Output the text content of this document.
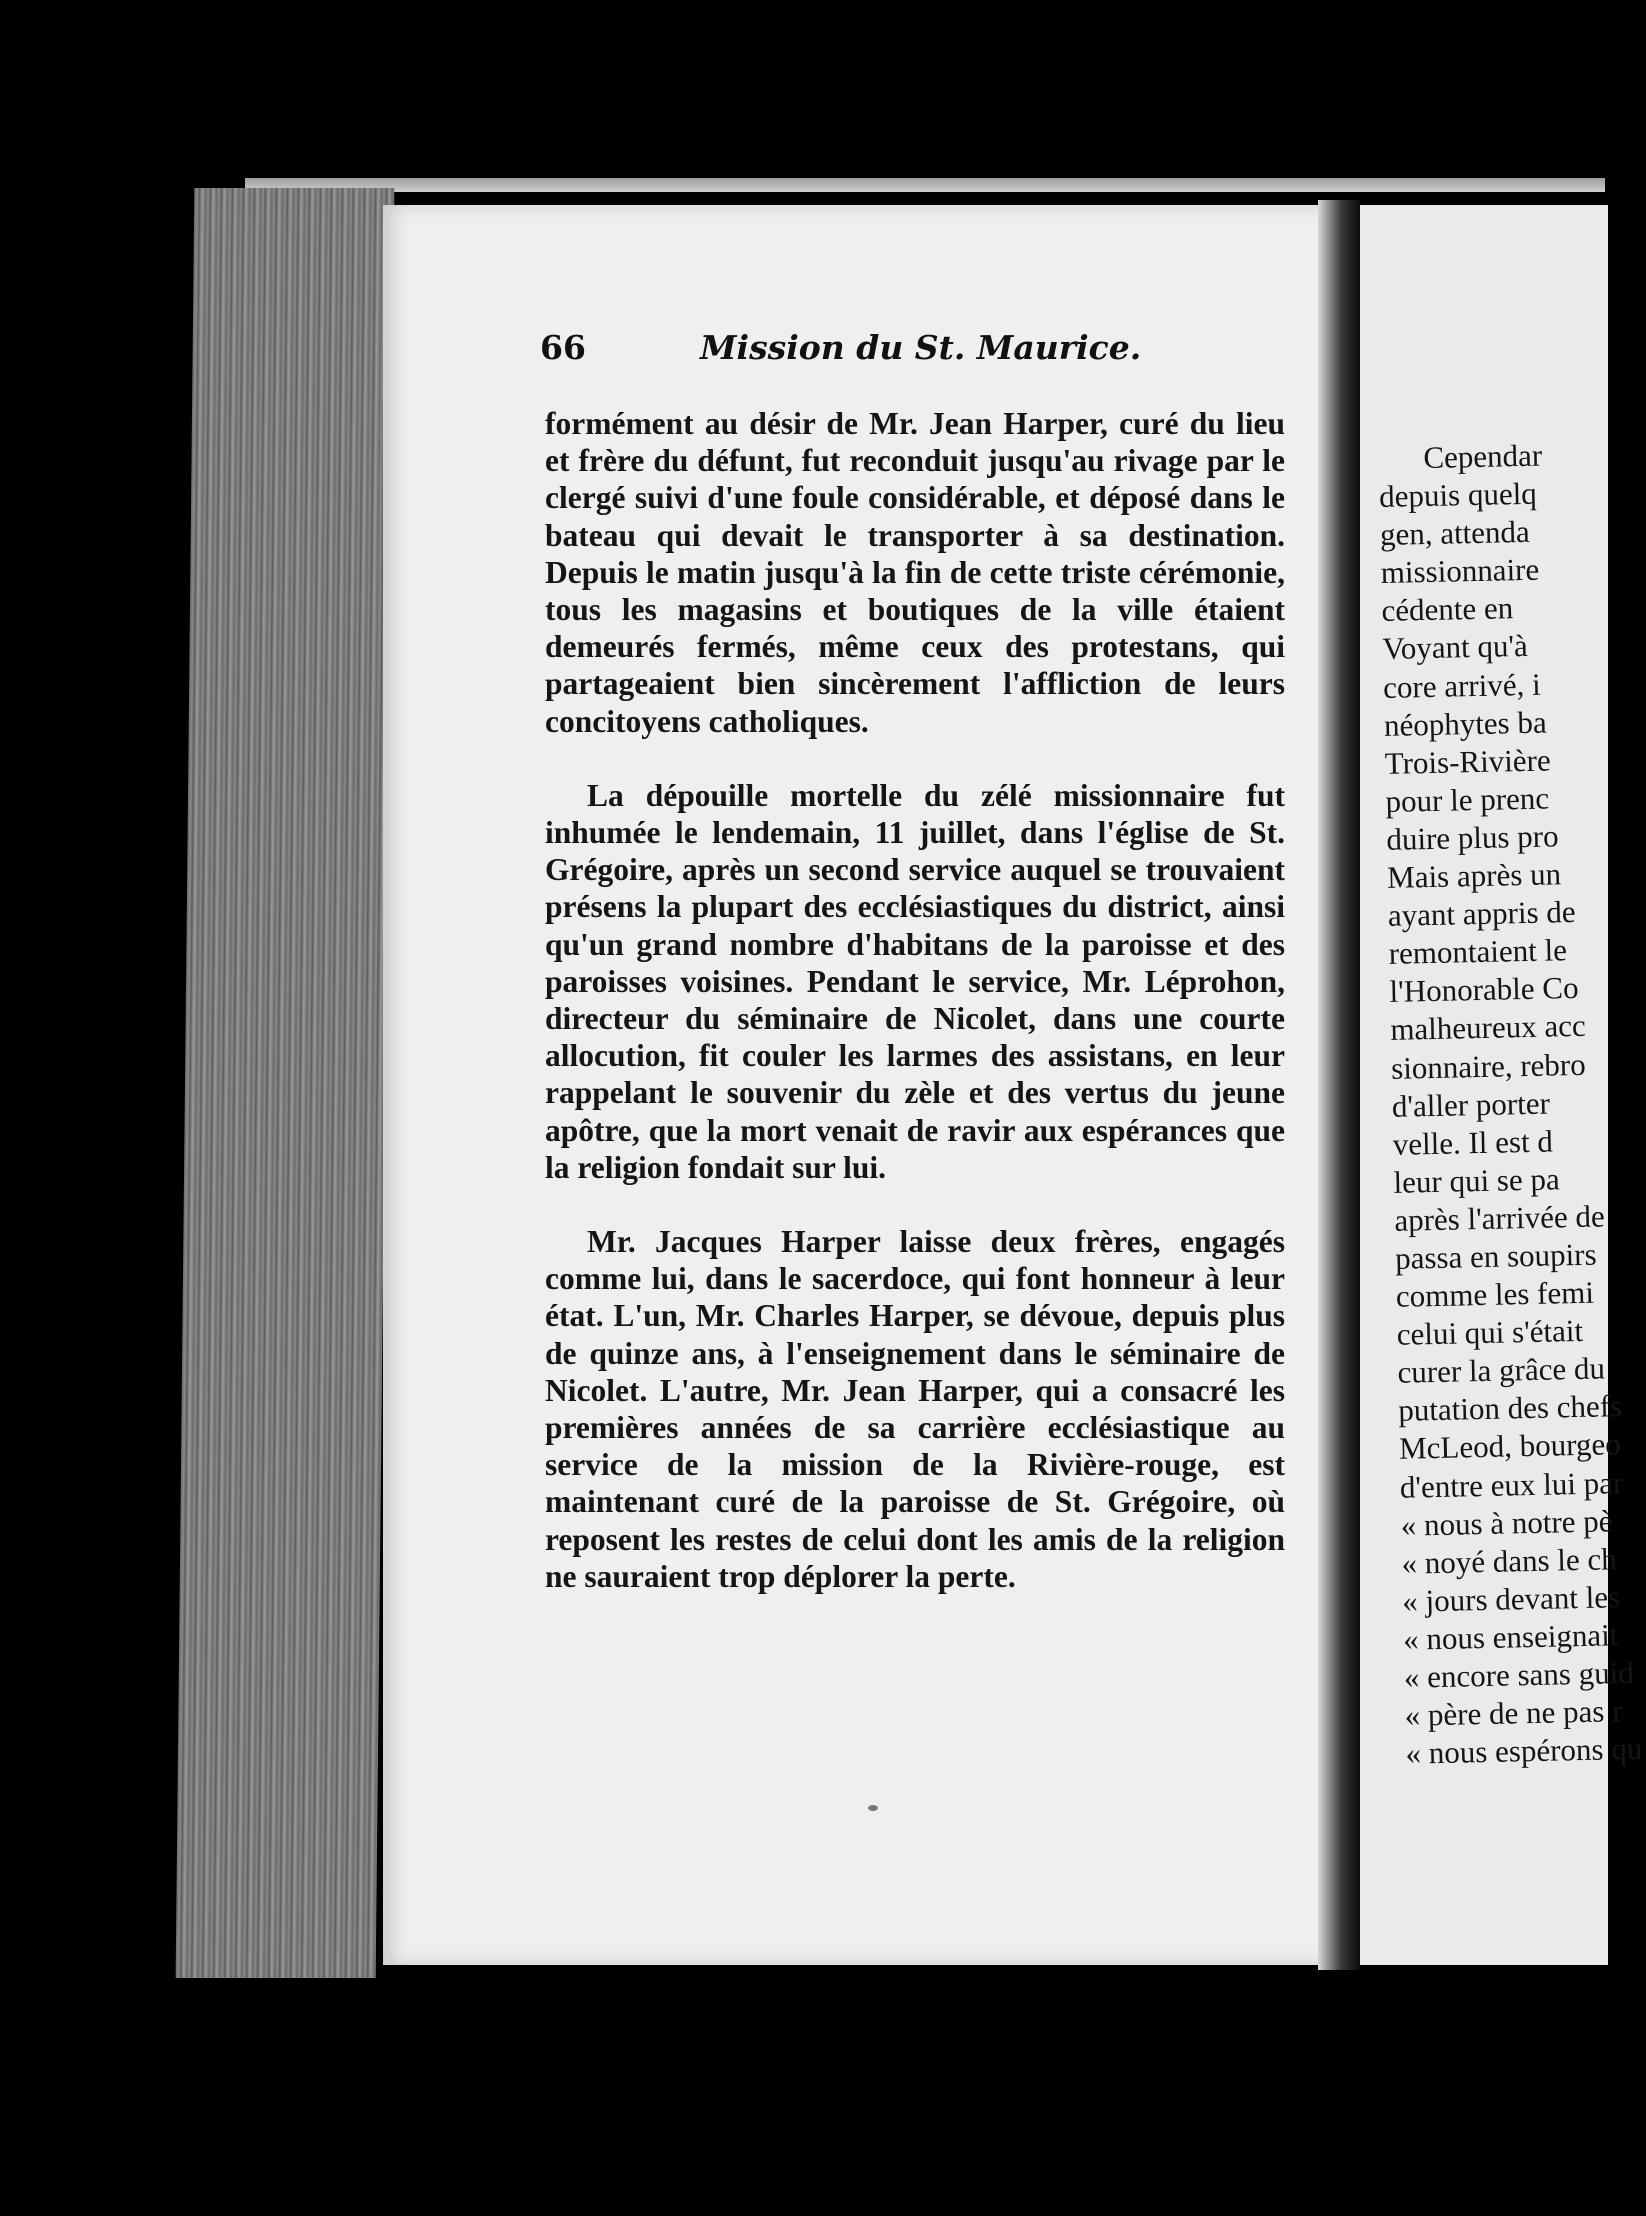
66	Mission du St. Maurice.

formément au désir de Mr. Jean Harper, curé du lieu et frère du défunt, fut reconduit jusqu'au rivage par le clergé suivi d'une foule considérable, et déposé dans le bateau qui devait le transporter à sa destination. Depuis le matin jusqu'à la fin de cette triste cérémonie, tous les magasins et boutiques de la ville étaient demeurés fermés, même ceux des protestans, qui partageaient bien sincèrement l'affliction de leurs concitoyens catholiques.

La dépouille mortelle du zélé missionnaire fut inhumée le lendemain, 11 juillet, dans l'église de St. Grégoire, après un second service auquel se trouvaient présens la plupart des ecclésiastiques du district, ainsi qu'un grand nombre d'habitans de la paroisse et des paroisses voisines. Pendant le service, Mr. Léprohon, directeur du séminaire de Nicolet, dans une courte allocution, fit couler les larmes des assistans, en leur rappelant le souvenir du zèle et des vertus du jeune apôtre, que la mort venait de ravir aux espérances que la religion fondait sur lui.

Mr. Jacques Harper laisse deux frères, engagés comme lui, dans le sacerdoce, qui font honneur à leur état. L'un, Mr. Charles Harper, se dévoue, depuis plus de quinze ans, à l'enseignement dans le séminaire de Nicolet. L'autre, Mr. Jean Harper, qui a consacré les premières années de sa carrière ecclésiastique au service de la mission de la Rivière-rouge, est maintenant curé de la paroisse de St. Grégoire, où reposent les restes de celui dont les amis de la religion ne sauraient trop déplorer la perte.

Cependar
depuis quelq
gen, attenda
missionnaire
cédente en
Voyant qu'à
core arrivé, i
néophytes ba
Trois-Rivière
pour le prenc
duire plus pro
Mais après un
ayant appris de
remontaient le
l'Honorable Co
malheureux acc
sionnaire, rebro
d'aller porter
velle. Il est d
leur qui se pa
après l'arrivée de
passa en soupirs
comme les femi
celui qui s'était
curer la grâce du
putation des chefs
McLeod, bourgeo
d'entre eux lui par
« nous à notre pè
« noyé dans le ch
« jours devant les
« nous enseignait
« encore sans guid
« père de ne pas r
« nous espérons qu
